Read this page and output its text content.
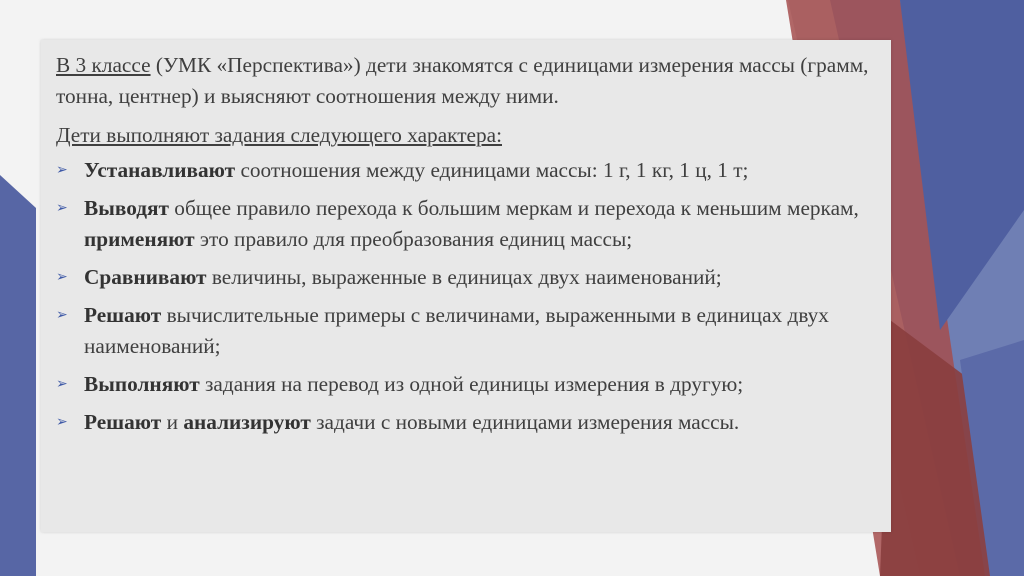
В 3 классе (УМК «Перспектива») дети знакомятся с единицами измерения массы (грамм, тонна, центнер) и выясняют соотношения между ними.

Дети выполняют задания следующего характера:

➢ Устанавливают соотношения между единицами массы: 1 г, 1 кг, 1 ц, 1 т;
➢ Выводят общее правило перехода к большим меркам и перехода к меньшим меркам, применяют это правило для преобразования единиц массы;
➢ Сравнивают величины, выраженные в единицах двух наименований;
➢ Решают вычислительные примеры с величинами, выраженными в единицах двух наименований;
➢ Выполняют задания на перевод из одной единицы измерения в другую;
➢ Решают и анализируют задачи с новыми единицами измерения массы.
